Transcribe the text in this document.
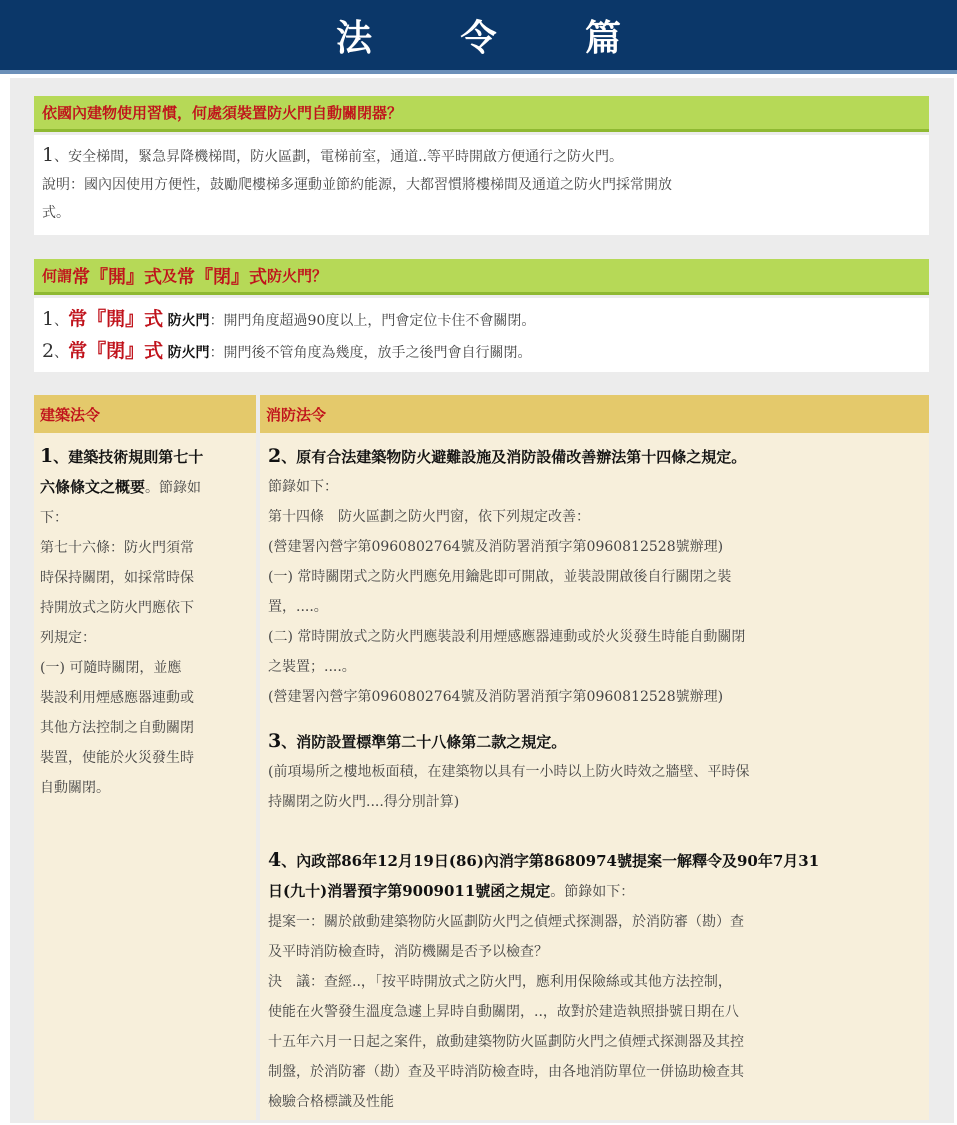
法 令 篇
依國內建物使用習慣，何處須裝置防火門自動關閉器？
1、安全梯間，緊急昇降機梯間，防火區劃，電梯前室，通道..等平時開啟方便通行之防火門。
說明：國內因使用方便性，鼓勵爬樓梯多運動並節約能源，大都習慣將樓梯間及通道之防火門採常開放
式。
何謂 常『開』式 及 常『閉』式 防火門？
1、常『開』式 防火門：開門角度超過90度以上，門會定位卡住不會關閉。
2、常『閉』式 防火門：開門後不管角度為幾度，放手之後門會自行關閉。
建築法令	消防法令

1、建築技術規則第七十

六條條文之概要。節錄如

下：

第七十六條：防火門須常

時保持關閉，如採常時保

持開放式之防火門應依下

列規定：

(一) 可隨時關閉，並應

裝設利用煙感應器連動或

其他方法控制之自動關閉

裝置，使能於火災發生時

自動關閉。

2、原有合法建築物防火避難設施及消防設備改善辦法第十四條之規定。

節錄如下：

第十四條　防火區劃之防火門窗，依下列規定改善：

(營建署內營字第0960802764號及消防署消預字第0960812528號辦理)

(一) 常時關閉式之防火門應免用鑰匙即可開啟，並裝設開啟後自行關閉之裝

置，....。

(二) 常時開放式之防火門應裝設利用煙感應器連動或於火災發生時能自動關閉

之裝置；....。

(營建署內營字第0960802764號及消防署消預字第0960812528號辦理)

3、消防設置標準第二十八條第二款之規定。

(前項場所之樓地板面積，在建築物以具有一小時以上防火時效之牆壁、平時保

持關閉之防火門....得分別計算)

4、內政部86年12月19日(86)內消字第8680974號提案一解釋令及90年7月31

日(九十)消署預字第9009011號函之規定。節錄如下：

提案一：關於啟動建築物防火區劃防火門之偵煙式探測器，於消防審（勘）查

及平時消防檢查時，消防機關是否予以檢查？

決　議：查經..，「按平時開放式之防火門，應利用保險絲或其他方法控制，

使能在火警發生溫度急遽上昇時自動關閉，..，故對於建造執照掛號日期在八

十五年六月一日起之案件，啟動建築物防火區劃防火門之偵煙式探測器及其控

制盤，於消防審（勘）查及平時消防檢查時，由各地消防單位一併協助檢查其

檢驗合格標識及性能
